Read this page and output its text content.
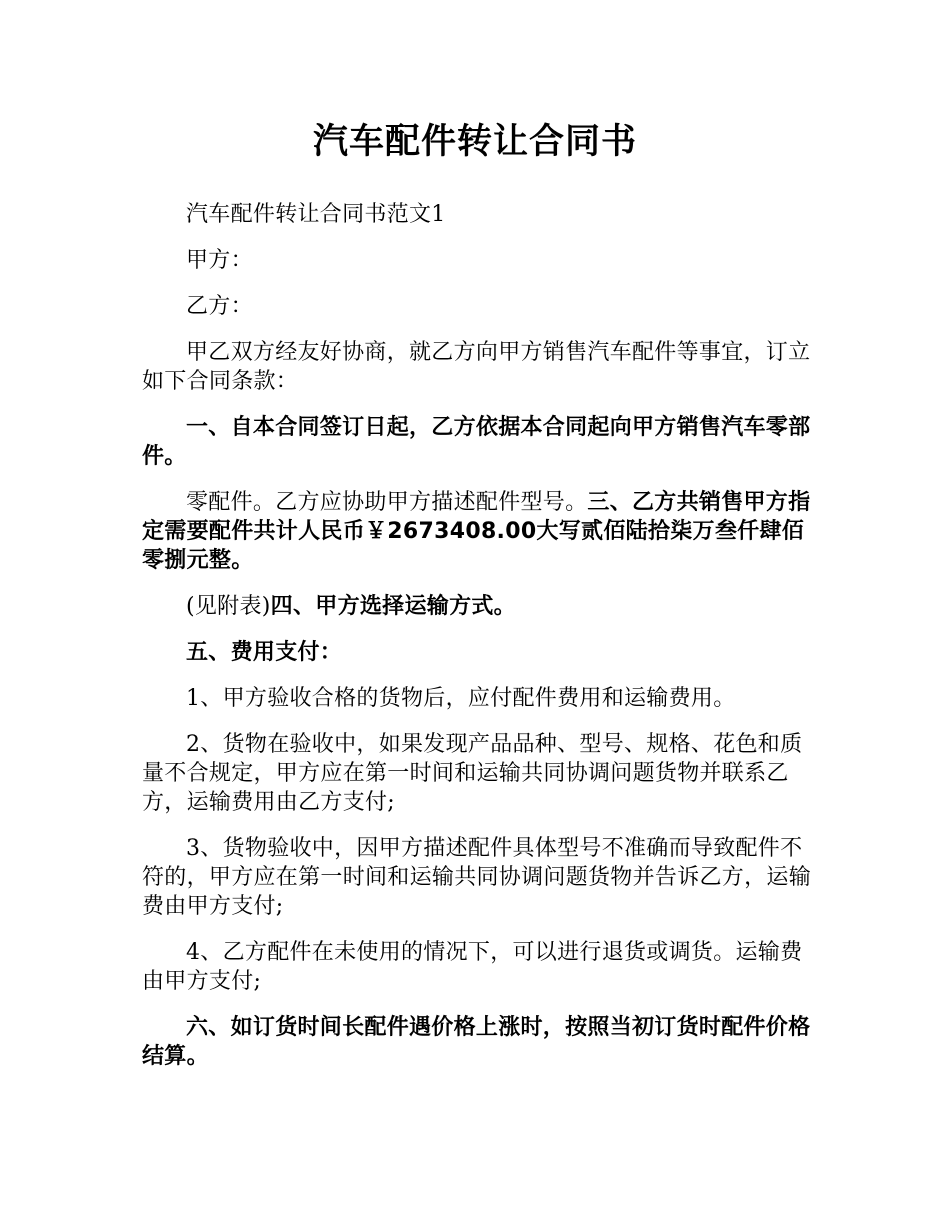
汽车配件转让合同书

汽车配件转让合同书范文1

甲方：

乙方：

甲乙双方经友好协商，就乙方向甲方销售汽车配件等事宜，订立如下合同条款：

一、自本合同签订日起，乙方依据本合同起向甲方销售汽车零部件。

零配件。乙方应协助甲方描述配件型号。三、乙方共销售甲方指定需要配件共计人民币￥2673408.00大写贰佰陆拾柒万叁仟肆佰零捌元整。

(见附表)四、甲方选择运输方式。

五、费用支付：

1、甲方验收合格的货物后，应付配件费用和运输费用。

2、货物在验收中，如果发现产品品种、型号、规格、花色和质量不合规定，甲方应在第一时间和运输共同协调问题货物并联系乙方，运输费用由乙方支付;

3、货物验收中，因甲方描述配件具体型号不准确而导致配件不符的，甲方应在第一时间和运输共同协调问题货物并告诉乙方，运输费由甲方支付;

4、乙方配件在未使用的情况下，可以进行退货或调货。运输费由甲方支付;

六、如订货时间长配件遇价格上涨时，按照当初订货时配件价格结算。
